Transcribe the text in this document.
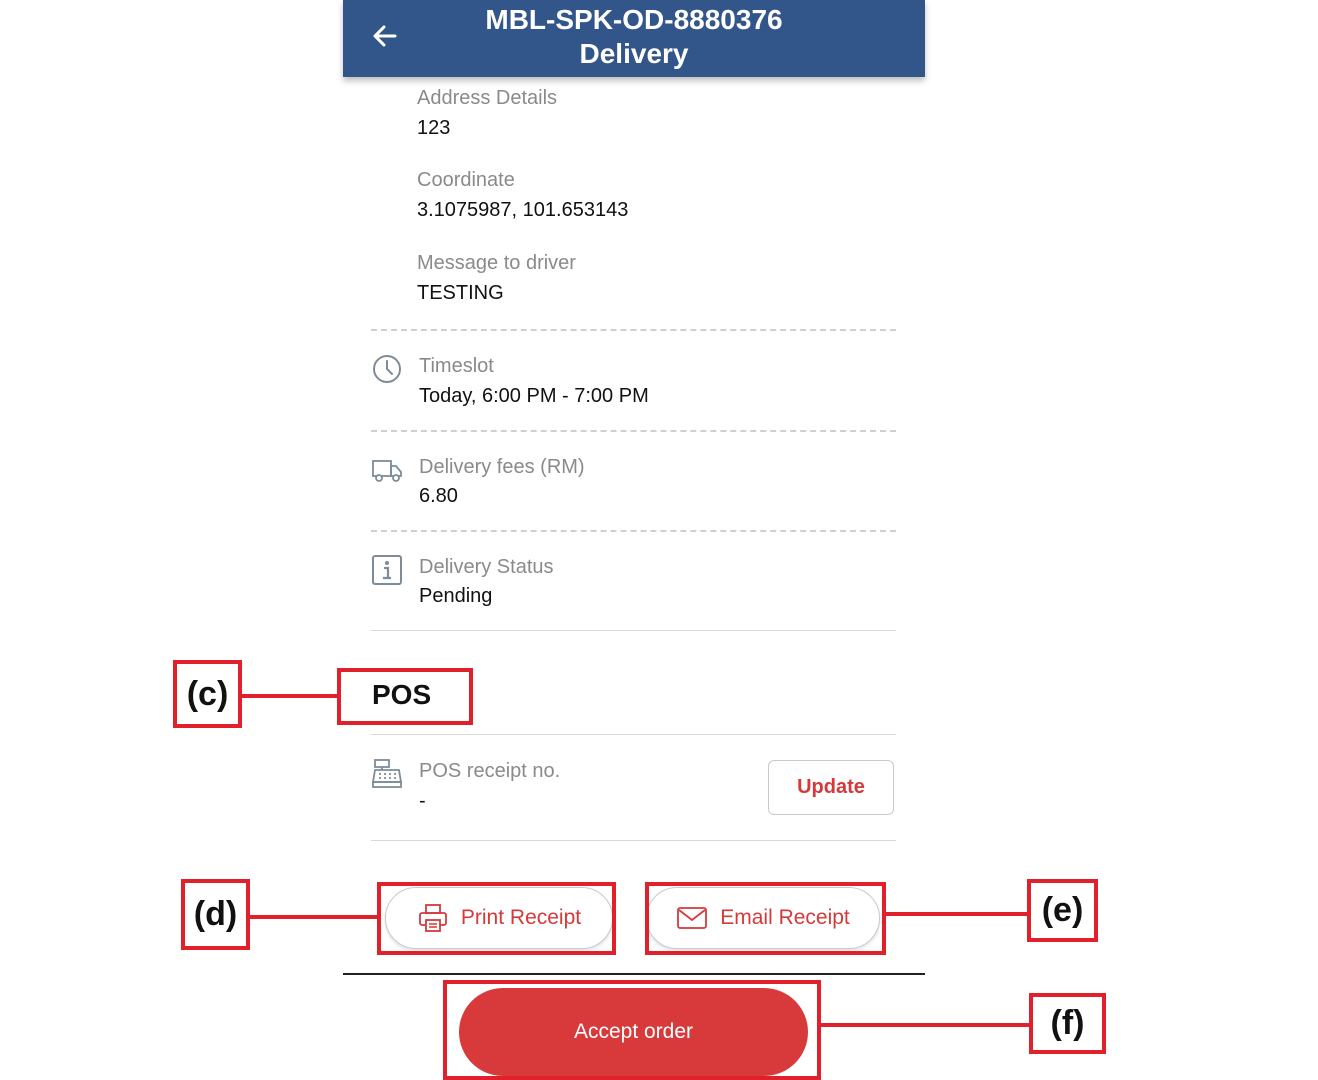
MBL-SPK-OD-8880376
Delivery
Address Details
123
Coordinate
3.1075987, 101.653143
Message to driver
TESTING
Timeslot
Today, 6:00 PM - 7:00 PM
Delivery fees (RM)
6.80
Delivery Status
Pending
POS
POS receipt no.
-
Update
Print Receipt	Email Receipt
Accept order
(c)
(d)	(e)
(f)
